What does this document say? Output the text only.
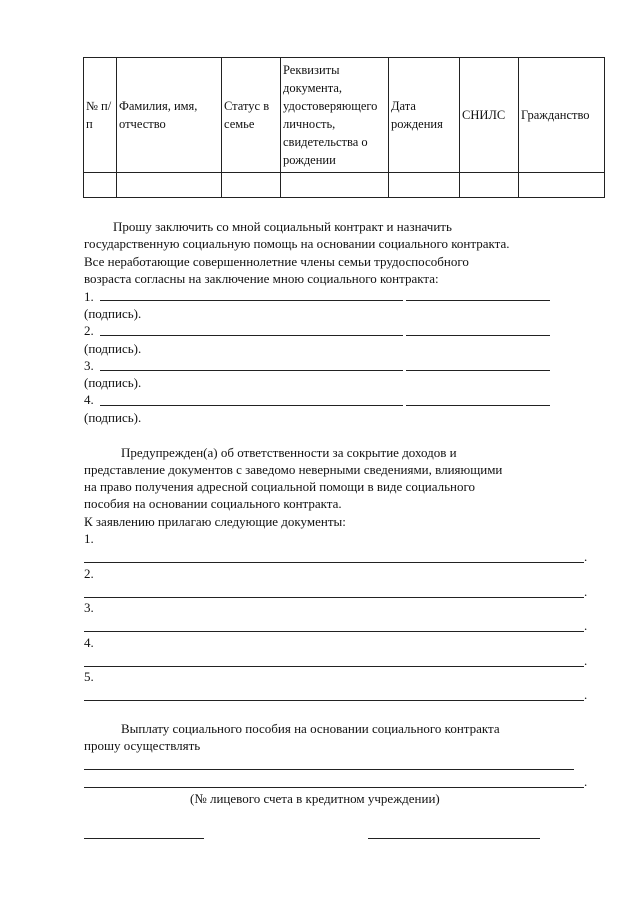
№ п/п	Фамилия, имя, отчество	Статус в семье	Реквизиты документа, удостоверяющего личность, свидетельства о рождении	Дата рождения	СНИЛС	Гражданство

Прошу заключить со мной социальный контракт и назначить
государственную социальную помощь на основании социального контракта.
Все неработающие совершеннолетние члены семьи трудоспособного
возраста согласны на заключение мною социального контракта:
1.
(подпись).
2.
(подпись).
3.
(подпись).
4.
(подпись).
Предупрежден(а) об ответственности за сокрытие доходов и
представление документов с заведомо неверными сведениями, влияющими
на право получения адресной социальной помощи в виде социального
пособия на основании социального контракта.
К заявлению прилагаю следующие документы:
1.
.
2.
.
3.
.
4.
.
5.
.
Выплату социального пособия на основании социального контракта
прошу осуществлять
.
(№ лицевого счета в кредитном учреждении)
